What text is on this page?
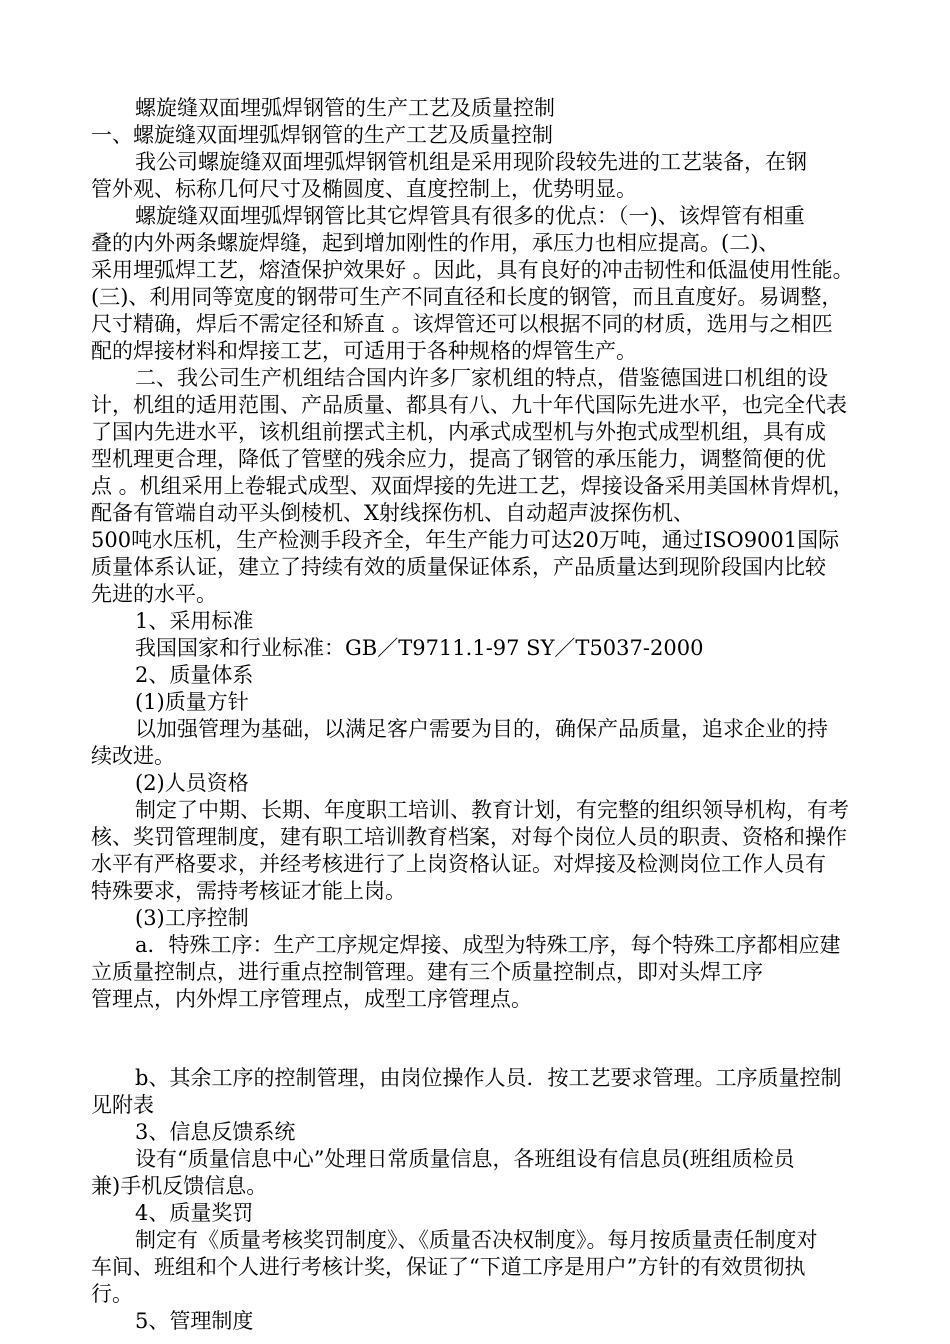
螺旋缝双面埋弧焊钢管的生产工艺及质量控制
一、螺旋缝双面埋弧焊钢管的生产工艺及质量控制
我公司螺旋缝双面埋弧焊钢管机组是采用现阶段较先进的工艺装备，在钢
管外观、标称几何尺寸及椭圆度、直度控制上，优势明显。
螺旋缝双面埋弧焊钢管比其它焊管具有很多的优点：（一)、该焊管有相重
叠的内外两条螺旋焊缝，起到增加刚性的作用，承压力也相应提高。(二)、
采用埋弧焊工艺，熔渣保护效果好 。因此，具有良好的冲击韧性和低温使用性能。
(三)、利用同等宽度的钢带可生产不同直径和长度的钢管，而且直度好。易调整，
尺寸精确，焊后不需定径和矫直 。该焊管还可以根据不同的材质，选用与之相匹
配的焊接材料和焊接工艺，可适用于各种规格的焊管生产。
二、我公司生产机组结合国内许多厂家机组的特点，借鉴德国进口机组的设
计，机组的适用范围、产品质量、都具有八、九十年代国际先进水平，也完全代表
了国内先进水平，该机组前摆式主机，内承式成型机与外抱式成型机组，具有成
型机理更合理，降低了管壁的残余应力，提高了钢管的承压能力，调整简便的优
点 。机组采用上卷辊式成型、双面焊接的先进工艺，焊接设备采用美国林肯焊机，
配备有管端自动平头倒棱机、X射线探伤机、自动超声波探伤机、
500吨水压机，生产检测手段齐全，年生产能力可达20万吨，通过ISO9001国际
质量体系认证，建立了持续有效的质量保证体系，产品质量达到现阶段国内比较
先进的水平。
1、采用标准
我国国家和行业标准：GB／T9711.1-97 SY／T5037-2000
2、质量体系
(1)质量方针
以加强管理为基础，以满足客户需要为目的，确保产品质量，追求企业的持
续改进。
(2)人员资格
制定了中期、长期、年度职工培训、教育计划，有完整的组织领导机构，有考
核、奖罚管理制度，建有职工培训教育档案，对每个岗位人员的职责、资格和操作
水平有严格要求，并经考核进行了上岗资格认证。对焊接及检测岗位工作人员有
特殊要求，需持考核证才能上岗。
(3)工序控制
a．特殊工序：生产工序规定焊接、成型为特殊工序，每个特殊工序都相应建
立质量控制点，进行重点控制管理。建有三个质量控制点，即对头焊工序
管理点，内外焊工序管理点，成型工序管理点。
b、其余工序的控制管理，由岗位操作人员．按工艺要求管理。工序质量控制
见附表
3、信息反馈系统
设有“质量信息中心”处理日常质量信息，各班组设有信息员(班组质检员
兼)手机反馈信息。
4、质量奖罚
制定有《质量考核奖罚制度》、《质量否决权制度》。每月按质量责任制度对
车间、班组和个人进行考核计奖，保证了“下道工序是用户”方针的有效贯彻执
行。
5、管理制度
